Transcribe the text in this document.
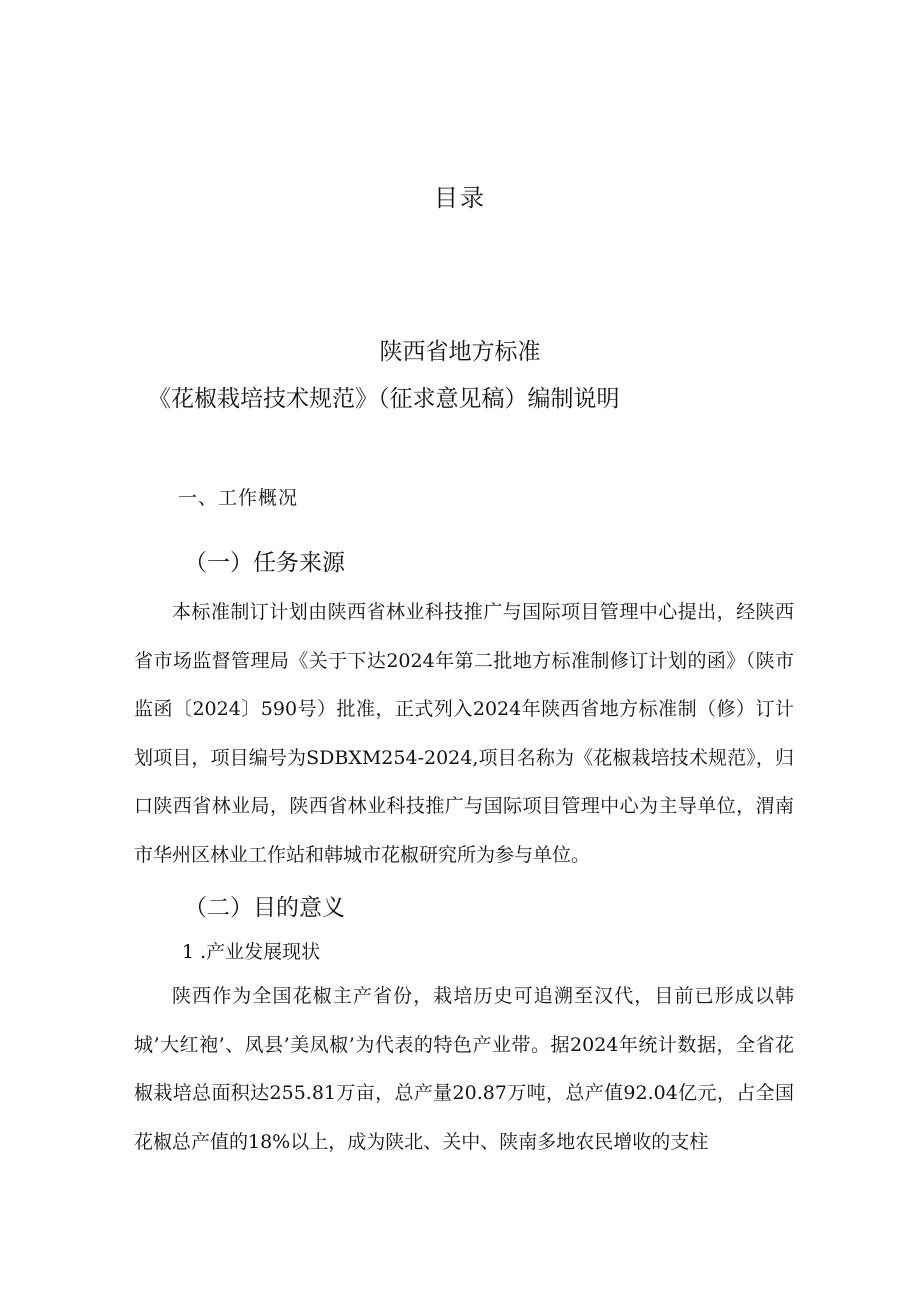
目录
陕西省地方标准
《花椒栽培技术规范》（征求意见稿）编制说明
一、工作概况
（一）任务来源

本标准制订计划由陕西省林业科技推广与国际项目管理中心提出，经陕西省市场监督管理局《关于下达2024年第二批地方标准制修订计划的函》（陕市监函〔2024〕590号）批准，正式列入2024年陕西省地方标准制（修）订计划项目，项目编号为SDBXM254-2024,项目名称为《花椒栽培技术规范》，归口陕西省林业局，陕西省林业科技推广与国际项目管理中心为主导单位，渭南市华州区林业工作站和韩城市花椒研究所为参与单位。

（二）目的意义
1 .产业发展现状

陕西作为全国花椒主产省份，栽培历史可追溯至汉代，目前已形成以韩城’大红袍’、凤县’美凤椒’为代表的特色产业带。据2024年统计数据，全省花椒栽培总面积达255.81万亩，总产量20.87万吨，总产值92.04亿元，占全国花椒总产值的18%以上，成为陕北、关中、陕南多地农民增收的支柱
